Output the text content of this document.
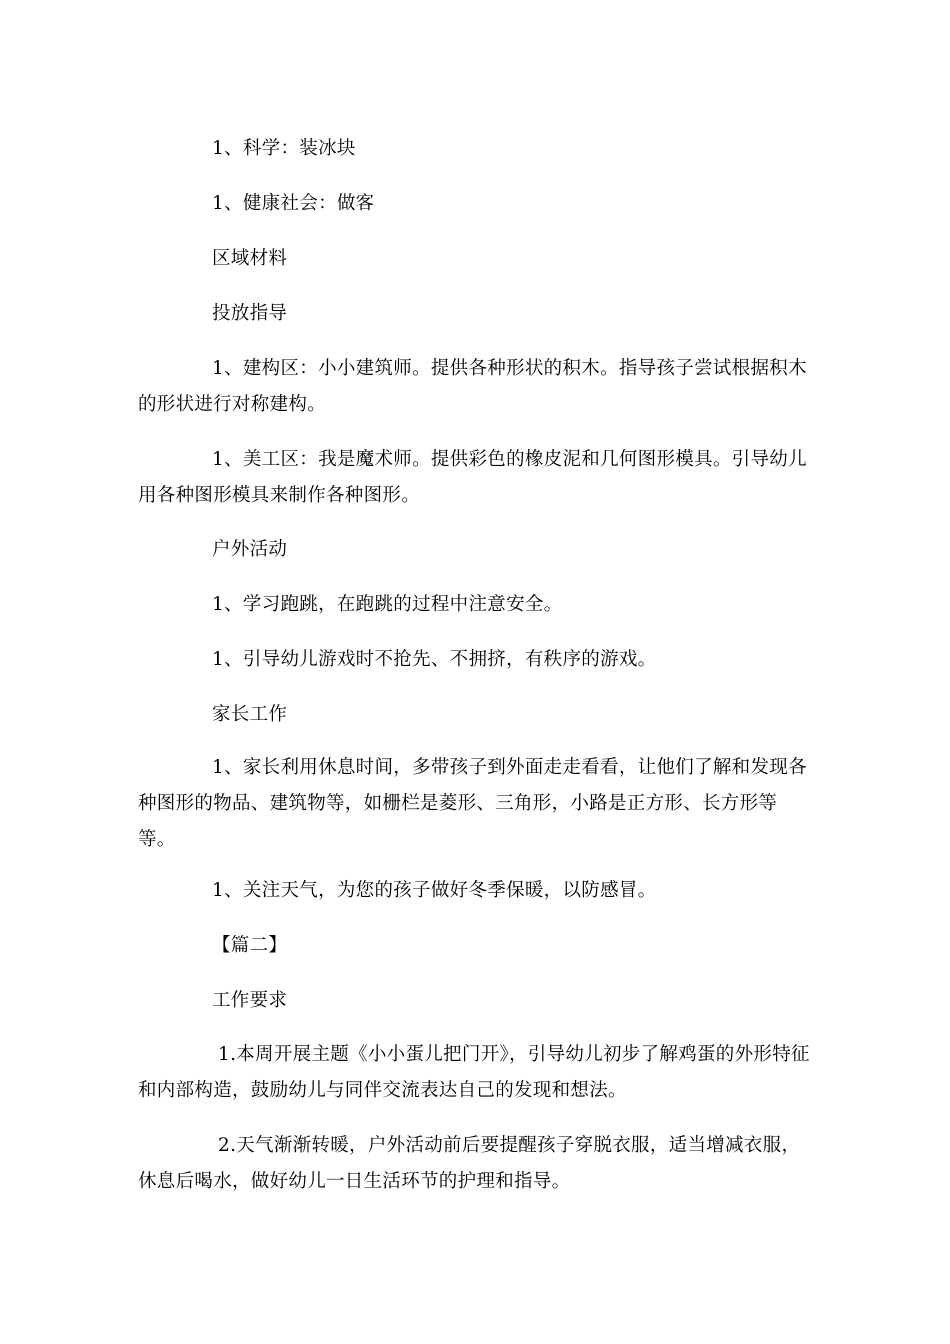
1、科学：装冰块

1、健康社会：做客

区域材料

投放指导

1、建构区：小小建筑师。提供各种形状的积木。指导孩子尝试根据积木的形状进行对称建构。

1、美工区：我是魔术师。提供彩色的橡皮泥和几何图形模具。引导幼儿用各种图形模具来制作各种图形。

户外活动

1、学习跑跳，在跑跳的过程中注意安全。

1、引导幼儿游戏时不抢先、不拥挤，有秩序的游戏。

家长工作

1、家长利用休息时间，多带孩子到外面走走看看，让他们了解和发现各种图形的物品、建筑物等，如栅栏是菱形、三角形，小路是正方形、长方形等等。

1、关注天气，为您的孩子做好冬季保暖，以防感冒。

【篇二】

工作要求

1.本周开展主题《小小蛋儿把门开》，引导幼儿初步了解鸡蛋的外形特征和内部构造，鼓励幼儿与同伴交流表达自己的发现和想法。

2.天气渐渐转暖，户外活动前后要提醒孩子穿脱衣服，适当增减衣服，休息后喝水，做好幼儿一日生活环节的护理和指导。
